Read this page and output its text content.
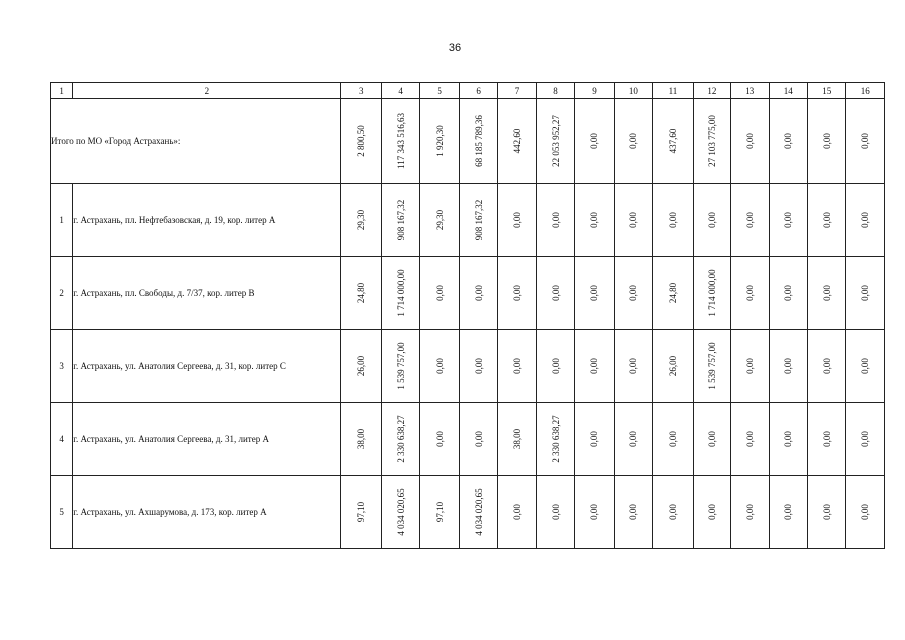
36
1	2	3	4	5	6	7	8	9	10	11	12	13	14	15	16
Итого по МО «Город Астрахань»:		2 800,50	117 343 516,63	1 920,30	68 185 789,36	442,60	22 053 952,27	0,00	0,00	437,60	27 103 775,00	0,00	0,00	0,00	0,00

1	г. Астрахань, пл. Нефтебазовская, д. 19, кор. литер А	29,30	908 167,32	29,30	908 167,32	0,00	0,00	0,00	0,00	0,00	0,00	0,00	0,00	0,00	0,00

2	г. Астрахань, пл. Свободы, д. 7/37, кор. литер В	24,80	1 714 000,00	0,00	0,00	0,00	0,00	0,00	0,00	24,80	1 714 000,00	0,00	0,00	0,00	0,00

3	г. Астрахань, ул. Анатолия Сергеева, д. 31, кор. литер С	26,00	1 539 757,00	0,00	0,00	0,00	0,00	0,00	0,00	26,00	1 539 757,00	0,00	0,00	0,00	0,00

4	г. Астрахань, ул. Анатолия Сергеева, д. 31, литер А	38,00	2 330 638,27	0,00	0,00	38,00	2 330 638,27	0,00	0,00	0,00	0,00	0,00	0,00	0,00	0,00

5	г. Астрахань, ул. Ахшарумова, д. 173, кор. литер А	97,10	4 034 020,65	97,10	4 034 020,65	0,00	0,00	0,00	0,00	0,00	0,00	0,00	0,00	0,00	0,00
